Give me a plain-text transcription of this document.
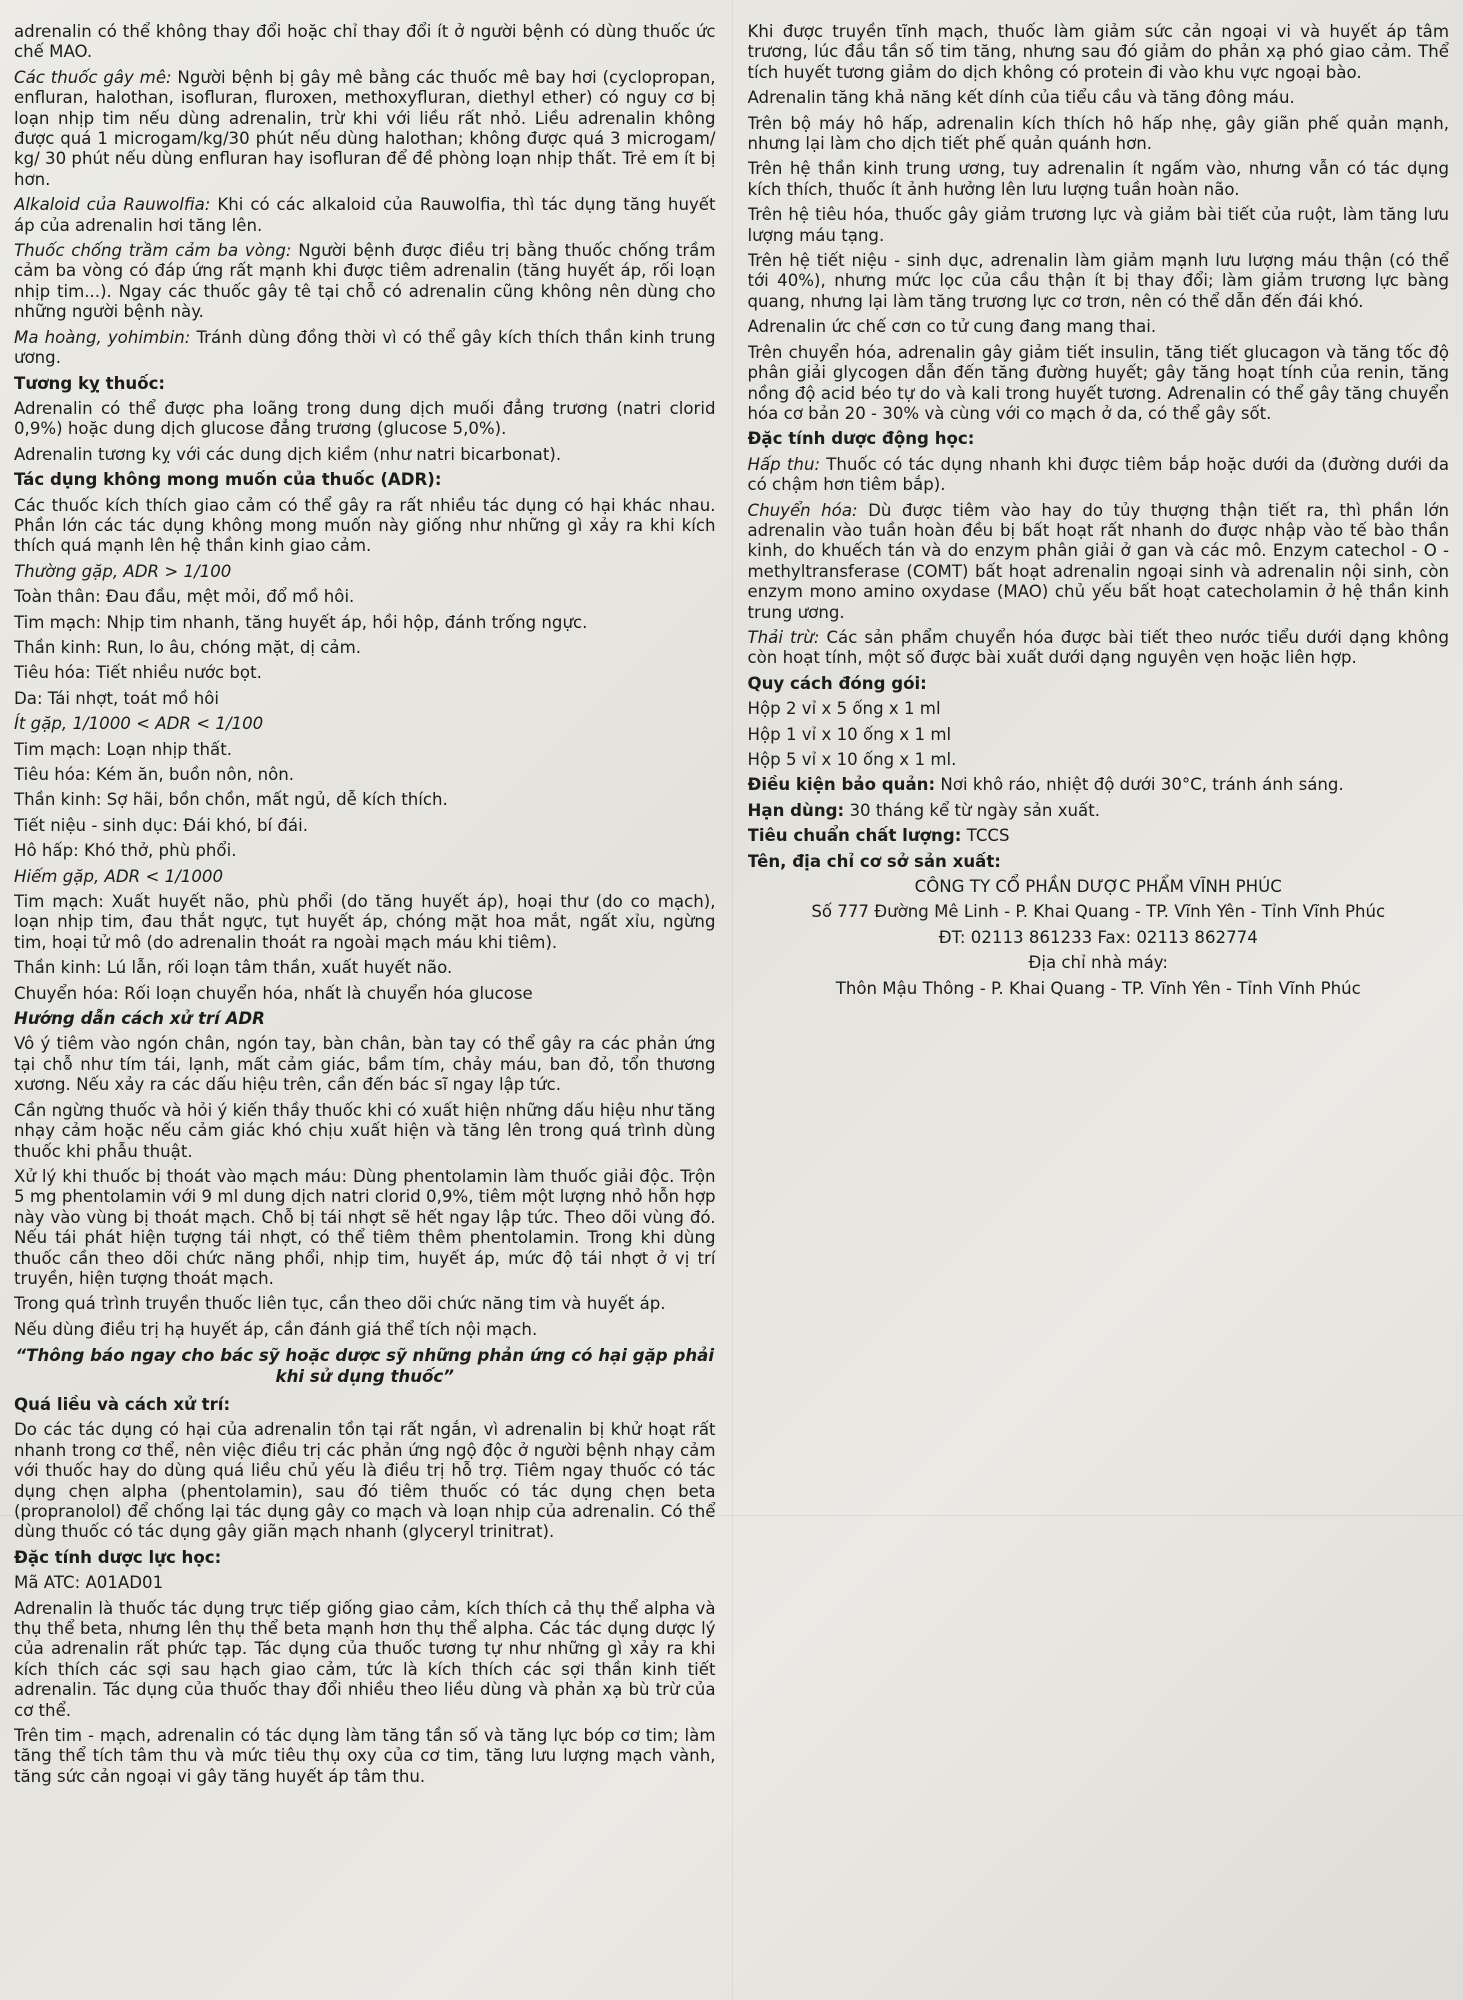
adrenalin có thể không thay đổi hoặc chỉ thay đổi ít ở người bệnh có dùng thuốc ức chế MAO.

Các thuốc gây mê: Người bệnh bị gây mê bằng các thuốc mê bay hơi (cyclopropan, enfluran, halothan, isofluran, fluroxen, methoxyfluran, diethyl ether) có nguy cơ bị loạn nhịp tim nếu dùng adrenalin, trừ khi với liều rất nhỏ. Liều adrenalin không được quá 1 microgam/kg/30 phút nếu dùng halothan; không được quá 3 microgam/ kg/ 30 phút nếu dùng enfluran hay isofluran để đề phòng loạn nhịp thất. Trẻ em ít bị hơn.

Alkaloid của Rauwolfia: Khi có các alkaloid của Rauwolfia, thì tác dụng tăng huyết áp của adrenalin hơi tăng lên.

Thuốc chống trầm cảm ba vòng: Người bệnh được điều trị bằng thuốc chống trầm cảm ba vòng có đáp ứng rất mạnh khi được tiêm adrenalin (tăng huyết áp, rối loạn nhịp tim...). Ngay các thuốc gây tê tại chỗ có adrenalin cũng không nên dùng cho những người bệnh này.

Ma hoàng, yohimbin: Tránh dùng đồng thời vì có thể gây kích thích thần kinh trung ương.

Tương kỵ thuốc:

Adrenalin có thể được pha loãng trong dung dịch muối đẳng trương (natri clorid 0,9%) hoặc dung dịch glucose đẳng trương (glucose 5,0%).

Adrenalin tương kỵ với các dung dịch kiềm (như natri bicarbonat).

Tác dụng không mong muốn của thuốc (ADR):

Các thuốc kích thích giao cảm có thể gây ra rất nhiều tác dụng có hại khác nhau. Phần lớn các tác dụng không mong muốn này giống như những gì xảy ra khi kích thích quá mạnh lên hệ thần kinh giao cảm.

Thường gặp, ADR > 1/100

Toàn thân: Đau đầu, mệt mỏi, đổ mồ hôi.

Tim mạch: Nhịp tim nhanh, tăng huyết áp, hồi hộp, đánh trống ngực.

Thần kinh: Run, lo âu, chóng mặt, dị cảm.

Tiêu hóa: Tiết nhiều nước bọt.

Da: Tái nhợt, toát mồ hôi

Ít gặp, 1/1000 < ADR < 1/100

Tim mạch: Loạn nhịp thất.

Tiêu hóa: Kém ăn, buồn nôn, nôn.

Thần kinh: Sợ hãi, bồn chồn, mất ngủ, dễ kích thích.

Tiết niệu - sinh dục: Đái khó, bí đái.

Hô hấp: Khó thở, phù phổi.

Hiếm gặp, ADR < 1/1000

Tim mạch: Xuất huyết não, phù phổi (do tăng huyết áp), hoại thư (do co mạch), loạn nhịp tim, đau thắt ngực, tụt huyết áp, chóng mặt hoa mắt, ngất xỉu, ngừng tim, hoại tử mô (do adrenalin thoát ra ngoài mạch máu khi tiêm).

Thần kinh: Lú lẫn, rối loạn tâm thần, xuất huyết não.

Chuyển hóa: Rối loạn chuyển hóa, nhất là chuyển hóa glucose

Hướng dẫn cách xử trí ADR

Vô ý tiêm vào ngón chân, ngón tay, bàn chân, bàn tay có thể gây ra các phản ứng tại chỗ như tím tái, lạnh, mất cảm giác, bầm tím, chảy máu, ban đỏ, tổn thương xương. Nếu xảy ra các dấu hiệu trên, cần đến bác sĩ ngay lập tức.

Cần ngừng thuốc và hỏi ý kiến thầy thuốc khi có xuất hiện những dấu hiệu như tăng nhạy cảm hoặc nếu cảm giác khó chịu xuất hiện và tăng lên trong quá trình dùng thuốc khi phẫu thuật.

Xử lý khi thuốc bị thoát vào mạch máu: Dùng phentolamin làm thuốc giải độc. Trộn 5 mg phentolamin với 9 ml dung dịch natri clorid 0,9%, tiêm một lượng nhỏ hỗn hợp này vào vùng bị thoát mạch. Chỗ bị tái nhợt sẽ hết ngay lập tức. Theo dõi vùng đó. Nếu tái phát hiện tượng tái nhợt, có thể tiêm thêm phentolamin. Trong khi dùng thuốc cần theo dõi chức năng phổi, nhịp tim, huyết áp, mức độ tái nhợt ở vị trí truyền, hiện tượng thoát mạch.

Trong quá trình truyền thuốc liên tục, cần theo dõi chức năng tim và huyết áp.

Nếu dùng điều trị hạ huyết áp, cần đánh giá thể tích nội mạch.

“Thông báo ngay cho bác sỹ hoặc dược sỹ những phản ứng có hại gặp phải khi sử dụng thuốc”

Quá liều và cách xử trí:

Do các tác dụng có hại của adrenalin tồn tại rất ngắn, vì adrenalin bị khử hoạt rất nhanh trong cơ thể, nên việc điều trị các phản ứng ngộ độc ở người bệnh nhạy cảm với thuốc hay do dùng quá liều chủ yếu là điều trị hỗ trợ. Tiêm ngay thuốc có tác dụng chẹn alpha (phentolamin), sau đó tiêm thuốc có tác dụng chẹn beta (propranolol) để chống lại tác dụng gây co mạch và loạn nhịp của adrenalin. Có thể dùng thuốc có tác dụng gây giãn mạch nhanh (glyceryl trinitrat).

Đặc tính dược lực học:

Mã ATC: A01AD01

Adrenalin là thuốc tác dụng trực tiếp giống giao cảm, kích thích cả thụ thể alpha và thụ thể beta, nhưng lên thụ thể beta mạnh hơn thụ thể alpha. Các tác dụng dược lý của adrenalin rất phức tạp. Tác dụng của thuốc tương tự như những gì xảy ra khi kích thích các sợi sau hạch giao cảm, tức là kích thích các sợi thần kinh tiết adrenalin. Tác dụng của thuốc thay đổi nhiều theo liều dùng và phản xạ bù trừ của cơ thể.

Trên tim - mạch, adrenalin có tác dụng làm tăng tần số và tăng lực bóp cơ tim; làm tăng thể tích tâm thu và mức tiêu thụ oxy của cơ tim, tăng lưu lượng mạch vành, tăng sức cản ngoại vi gây tăng huyết áp tâm thu.

Khi được truyền tĩnh mạch, thuốc làm giảm sức cản ngoại vi và huyết áp tâm trương, lúc đầu tần số tim tăng, nhưng sau đó giảm do phản xạ phó giao cảm. Thể tích huyết tương giảm do dịch không có protein đi vào khu vực ngoại bào.

Adrenalin tăng khả năng kết dính của tiểu cầu và tăng đông máu.

Trên bộ máy hô hấp, adrenalin kích thích hô hấp nhẹ, gây giãn phế quản mạnh, nhưng lại làm cho dịch tiết phế quản quánh hơn.

Trên hệ thần kinh trung ương, tuy adrenalin ít ngấm vào, nhưng vẫn có tác dụng kích thích, thuốc ít ảnh hưởng lên lưu lượng tuần hoàn não.

Trên hệ tiêu hóa, thuốc gây giảm trương lực và giảm bài tiết của ruột, làm tăng lưu lượng máu tạng.

Trên hệ tiết niệu - sinh dục, adrenalin làm giảm mạnh lưu lượng máu thận (có thể tới 40%), nhưng mức lọc của cầu thận ít bị thay đổi; làm giảm trương lực bàng quang, nhưng lại làm tăng trương lực cơ trơn, nên có thể dẫn đến đái khó.

Adrenalin ức chế cơn co tử cung đang mang thai.

Trên chuyển hóa, adrenalin gây giảm tiết insulin, tăng tiết glucagon và tăng tốc độ phân giải glycogen dẫn đến tăng đường huyết; gây tăng hoạt tính của renin, tăng nồng độ acid béo tự do và kali trong huyết tương. Adrenalin có thể gây tăng chuyển hóa cơ bản 20 - 30% và cùng với co mạch ở da, có thể gây sốt.

Đặc tính dược động học:

Hấp thu: Thuốc có tác dụng nhanh khi được tiêm bắp hoặc dưới da (đường dưới da có chậm hơn tiêm bắp).

Chuyển hóa: Dù được tiêm vào hay do tủy thượng thận tiết ra, thì phần lớn adrenalin vào tuần hoàn đều bị bất hoạt rất nhanh do được nhập vào tế bào thần kinh, do khuếch tán và do enzym phân giải ở gan và các mô. Enzym catechol - O - methyltransferase (COMT) bất hoạt adrenalin ngoại sinh và adrenalin nội sinh, còn enzym mono amino oxydase (MAO) chủ yếu bất hoạt catecholamin ở hệ thần kinh trung ương.

Thải trừ: Các sản phẩm chuyển hóa được bài tiết theo nước tiểu dưới dạng không còn hoạt tính, một số được bài xuất dưới dạng nguyên vẹn hoặc liên hợp.

Quy cách đóng gói:

Hộp 2 vỉ x 5 ống x 1 ml

Hộp 1 vỉ x 10 ống x 1 ml

Hộp 5 vỉ x 10 ống x 1 ml.

Điều kiện bảo quản: Nơi khô ráo, nhiệt độ dưới 30°C, tránh ánh sáng.

Hạn dùng: 30 tháng kể từ ngày sản xuất.

Tiêu chuẩn chất lượng: TCCS

Tên, địa chỉ cơ sở sản xuất:

CÔNG TY CỔ PHẦN DƯỢC PHẨM VĨNH PHÚC

Số 777 Đường Mê Linh - P. Khai Quang - TP. Vĩnh Yên - Tỉnh Vĩnh Phúc

ĐT: 02113 861233 Fax: 02113 862774

Địa chỉ nhà máy:

Thôn Mậu Thông - P. Khai Quang - TP. Vĩnh Yên - Tỉnh Vĩnh Phúc
